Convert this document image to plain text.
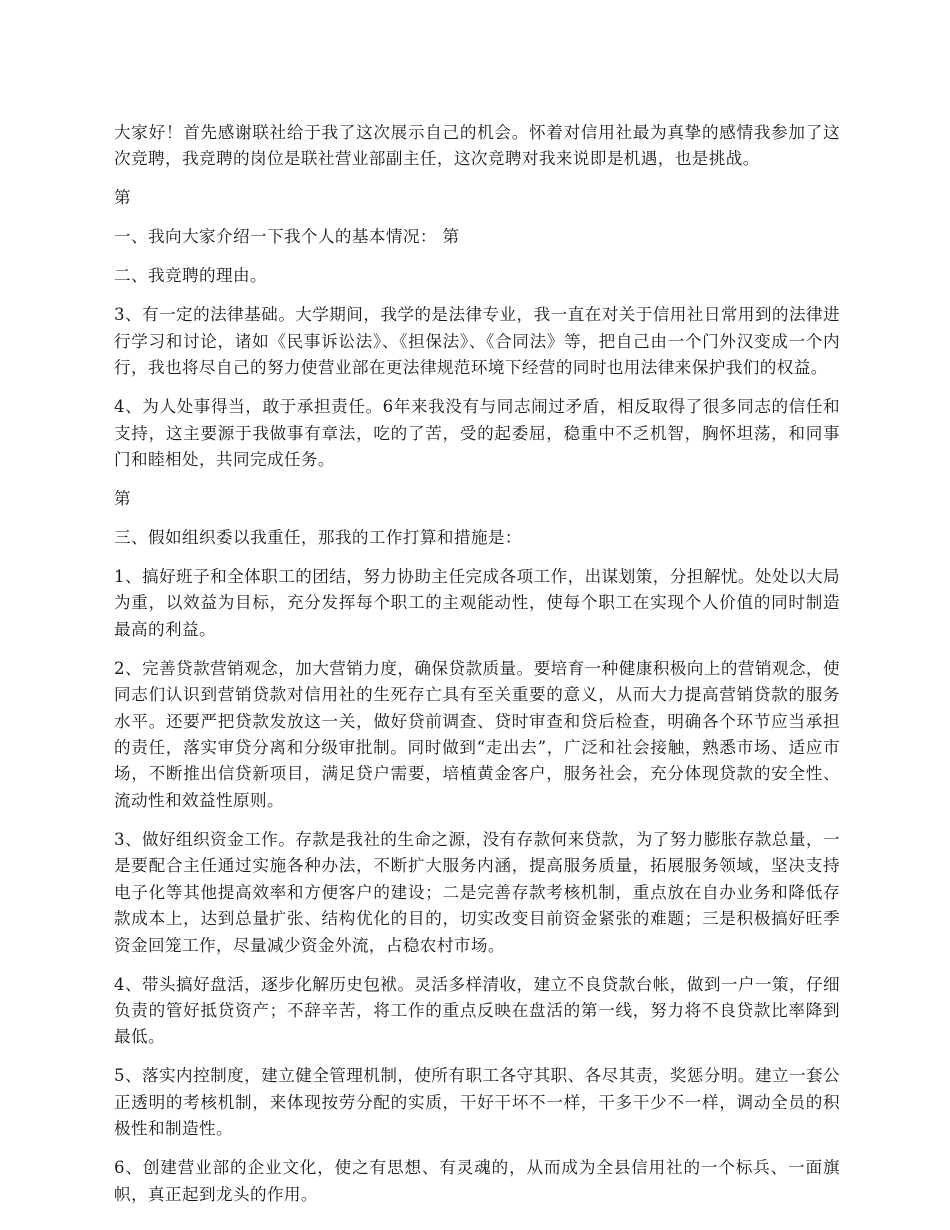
大家好！首先感谢联社给于我了这次展示自己的机会。怀着对信用社最为真挚的感情我参加了这次竞聘，我竞聘的岗位是联社营业部副主任，这次竞聘对我来说即是机遇，也是挑战。

第

一、我向大家介绍一下我个人的基本情况： 第

二、我竞聘的理由。

3、有一定的法律基础。大学期间，我学的是法律专业，我一直在对关于信用社日常用到的法律进行学习和讨论，诸如《民事诉讼法》、《担保法》、《合同法》等，把自己由一个门外汉变成一个内行，我也将尽自己的努力使营业部在更法律规范环境下经营的同时也用法律来保护我们的权益。

4、为人处事得当，敢于承担责任。6年来我没有与同志闹过矛盾，相反取得了很多同志的信任和支持，这主要源于我做事有章法，吃的了苦，受的起委屈，稳重中不乏机智，胸怀坦荡，和同事门和睦相处，共同完成任务。

第

三、假如组织委以我重任，那我的工作打算和措施是：

1、搞好班子和全体职工的团结，努力协助主任完成各项工作，出谋划策，分担解忧。处处以大局为重，以效益为目标，充分发挥每个职工的主观能动性，使每个职工在实现个人价值的同时制造最高的利益。

2、完善贷款营销观念，加大营销力度，确保贷款质量。要培育一种健康积极向上的营销观念，使同志们认识到营销贷款对信用社的生死存亡具有至关重要的意义，从而大力提高营销贷款的服务水平。还要严把贷款发放这一关，做好贷前调查、贷时审查和贷后检查，明确各个环节应当承担的责任，落实审贷分离和分级审批制。同时做到“走出去”，广泛和社会接触，熟悉市场、适应市场，不断推出信贷新项目，满足贷户需要，培植黄金客户，服务社会，充分体现贷款的安全性、流动性和效益性原则。

3、做好组织资金工作。存款是我社的生命之源，没有存款何来贷款，为了努力膨胀存款总量，一是要配合主任通过实施各种办法，不断扩大服务内涵，提高服务质量，拓展服务领域，坚决支持电子化等其他提高效率和方便客户的建设；二是完善存款考核机制，重点放在自办业务和降低存款成本上，达到总量扩张、结构优化的目的，切实改变目前资金紧张的难题；三是积极搞好旺季资金回笼工作，尽量减少资金外流，占稳农村市场。

4、带头搞好盘活，逐步化解历史包袱。灵活多样清收，建立不良贷款台帐，做到一户一策，仔细负责的管好抵贷资产；不辞辛苦，将工作的重点反映在盘活的第一线，努力将不良贷款比率降到最低。

5、落实内控制度，建立健全管理机制，使所有职工各守其职、各尽其责，奖惩分明。建立一套公正透明的考核机制，来体现按劳分配的实质，干好干坏不一样，干多干少不一样，调动全员的积极性和制造性。

6、创建营业部的企业文化，使之有思想、有灵魂的，从而成为全县信用社的一个标兵、一面旗帜，真正起到龙头的作用。
